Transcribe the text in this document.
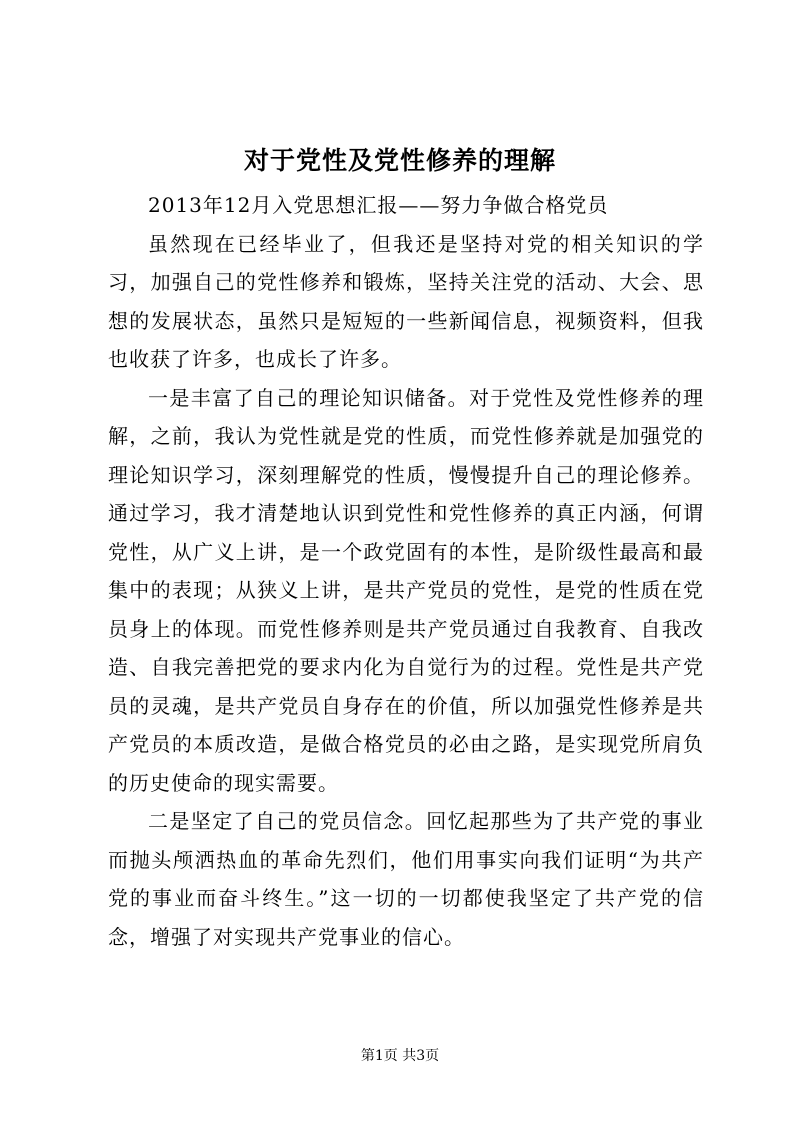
对于党性及党性修养的理解

2013年12月入党思想汇报——努力争做合格党员

虽然现在已经毕业了，但我还是坚持对党的相关知识的学习，加强自己的党性修养和锻炼，坚持关注党的活动、大会、思想的发展状态，虽然只是短短的一些新闻信息，视频资料，但我也收获了许多，也成长了许多。

一是丰富了自己的理论知识储备。对于党性及党性修养的理解，之前，我认为党性就是党的性质，而党性修养就是加强党的理论知识学习，深刻理解党的性质，慢慢提升自己的理论修养。通过学习，我才清楚地认识到党性和党性修养的真正内涵，何谓党性，从广义上讲，是一个政党固有的本性，是阶级性最高和最集中的表现；从狭义上讲，是共产党员的党性，是党的性质在党员身上的体现。而党性修养则是共产党员通过自我教育、自我改造、自我完善把党的要求内化为自觉行为的过程。党性是共产党员的灵魂，是共产党员自身存在的价值，所以加强党性修养是共产党员的本质改造，是做合格党员的必由之路，是实现党所肩负的历史使命的现实需要。

二是坚定了自己的党员信念。回忆起那些为了共产党的事业而抛头颅洒热血的革命先烈们，他们用事实向我们证明“为共产党的事业而奋斗终生。”这一切的一切都使我坚定了共产党的信念，增强了对实现共产党事业的信心。

第1页 共3页
